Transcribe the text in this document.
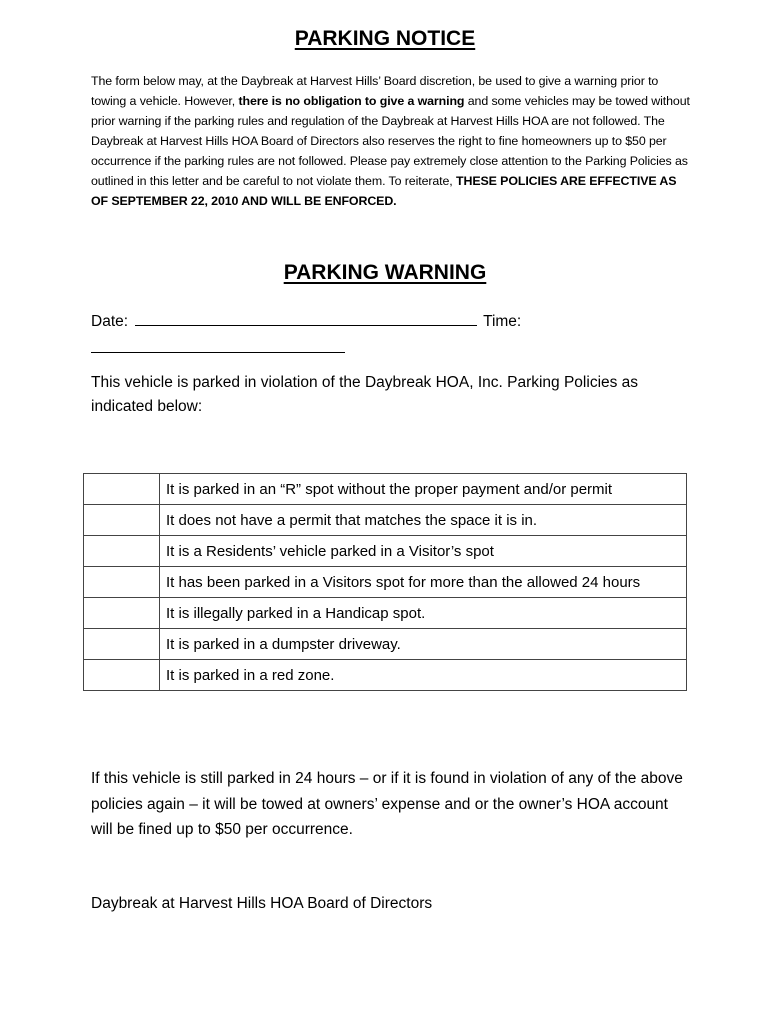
PARKING NOTICE

The form below may, at the Daybreak at Harvest Hills’ Board discretion, be used to give a warning prior to towing a vehicle. However, there is no obligation to give a warning and some vehicles may be towed without prior warning if the parking rules and regulation of the Daybreak at Harvest Hills HOA are not followed. The Daybreak at Harvest Hills HOA Board of Directors also reserves the right to fine homeowners up to $50 per occurrence if the parking rules are not followed. Please pay extremely close attention to the Parking Policies as outlined in this letter and be careful to not violate them. To reiterate, THESE POLICIES ARE EFFECTIVE AS OF SEPTEMBER 22, 2010 AND WILL BE ENFORCED.

PARKING WARNING
Date:	Time:

This vehicle is parked in violation of the Daybreak HOA, Inc. Parking Policies as indicated below:

	It is parked in an “R” spot without the proper payment and/or permit
	It does not have a permit that matches the space it is in.
	It is a Residents’ vehicle parked in a Visitor’s spot
	It has been parked in a Visitors spot for more than the allowed 24 hours
	It is illegally parked in a Handicap spot.
	It is parked in a dumpster driveway.
	It is parked in a red zone.

If this vehicle is still parked in 24 hours – or if it is found in violation of any of the above policies again – it will be towed at owners’ expense and or the owner’s HOA account will be fined up to $50 per occurrence.

Daybreak at Harvest Hills HOA Board of Directors
